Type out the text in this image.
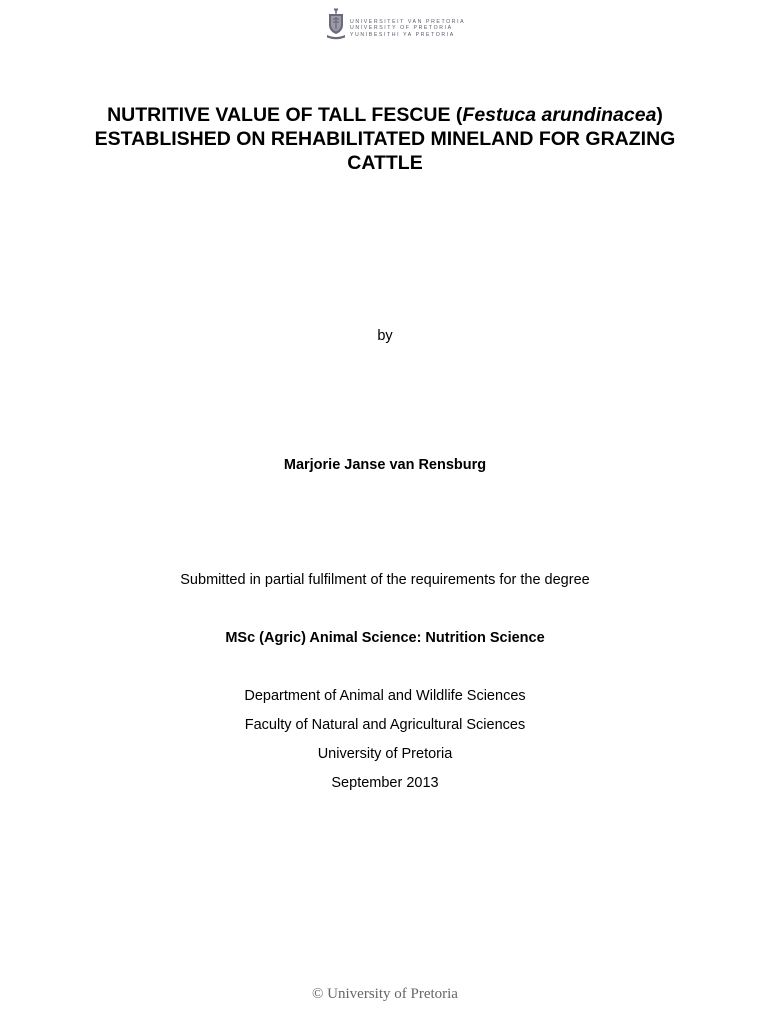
UNIVERSITEIT VAN PRETORIA
UNIVERSITY OF PRETORIA
YUNIBESITHI YA PRETORIA
NUTRITIVE VALUE OF TALL FESCUE (Festuca arundinacea)
ESTABLISHED ON REHABILITATED MINELAND FOR GRAZING
CATTLE
by
Marjorie Janse van Rensburg
Submitted in partial fulfilment of the requirements for the degree
MSc (Agric) Animal Science: Nutrition Science
Department of Animal and Wildlife Sciences
Faculty of Natural and Agricultural Sciences
University of Pretoria
September 2013
© University of Pretoria
